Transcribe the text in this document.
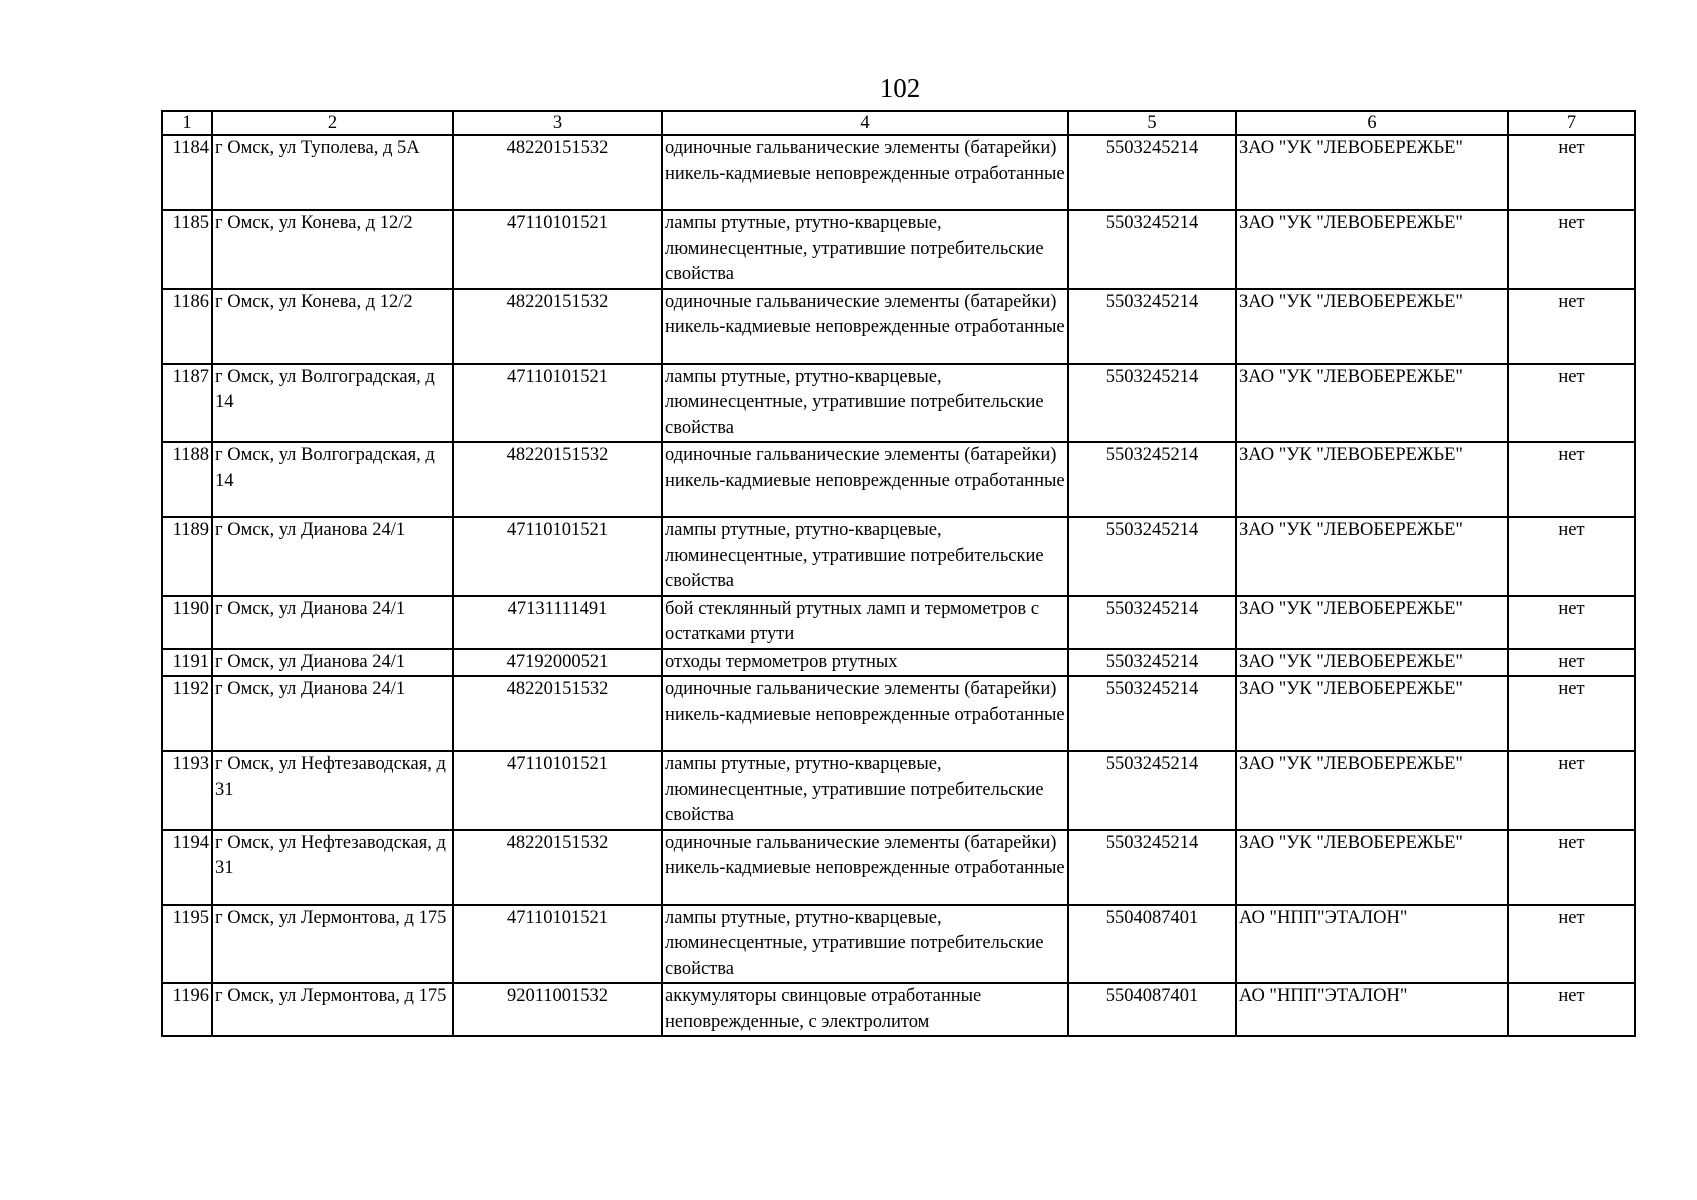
102
1	2	3	4	5	6	7
1184	г Омск, ул Туполева, д 5А	48220151532	одиночные гальванические элементы (батарейки) никель-кадмиевые неповрежденные отработанные	5503245214	ЗАО "УК "ЛЕВОБЕРЕЖЬЕ"	нет
1185	г Омск, ул Конева, д 12/2	47110101521	лампы ртутные, ртутно-кварцевые, люминесцентные, утратившие потребительские свойства	5503245214	ЗАО "УК "ЛЕВОБЕРЕЖЬЕ"	нет
1186	г Омск, ул Конева, д 12/2	48220151532	одиночные гальванические элементы (батарейки) никель-кадмиевые неповрежденные отработанные	5503245214	ЗАО "УК "ЛЕВОБЕРЕЖЬЕ"	нет
1187	г Омск, ул Волгоградская, д 14	47110101521	лампы ртутные, ртутно-кварцевые, люминесцентные, утратившие потребительские свойства	5503245214	ЗАО "УК "ЛЕВОБЕРЕЖЬЕ"	нет
1188	г Омск, ул Волгоградская, д 14	48220151532	одиночные гальванические элементы (батарейки) никель-кадмиевые неповрежденные отработанные	5503245214	ЗАО "УК "ЛЕВОБЕРЕЖЬЕ"	нет
1189	г Омск, ул Дианова 24/1	47110101521	лампы ртутные, ртутно-кварцевые, люминесцентные, утратившие потребительские свойства	5503245214	ЗАО "УК "ЛЕВОБЕРЕЖЬЕ"	нет
1190	г Омск, ул Дианова 24/1	47131111491	бой стеклянный ртутных ламп и термометров с остатками ртути	5503245214	ЗАО "УК "ЛЕВОБЕРЕЖЬЕ"	нет
1191	г Омск, ул Дианова 24/1	47192000521	отходы термометров ртутных	5503245214	ЗАО "УК "ЛЕВОБЕРЕЖЬЕ"	нет
1192	г Омск, ул Дианова 24/1	48220151532	одиночные гальванические элементы (батарейки) никель-кадмиевые неповрежденные отработанные	5503245214	ЗАО "УК "ЛЕВОБЕРЕЖЬЕ"	нет
1193	г Омск, ул Нефтезаводская, д 31	47110101521	лампы ртутные, ртутно-кварцевые, люминесцентные, утратившие потребительские свойства	5503245214	ЗАО "УК "ЛЕВОБЕРЕЖЬЕ"	нет
1194	г Омск, ул Нефтезаводская, д 31	48220151532	одиночные гальванические элементы (батарейки) никель-кадмиевые неповрежденные отработанные	5503245214	ЗАО "УК "ЛЕВОБЕРЕЖЬЕ"	нет
1195	г Омск, ул Лермонтова, д 175	47110101521	лампы ртутные, ртутно-кварцевые, люминесцентные, утратившие потребительские свойства	5504087401	АО "НПП"ЭТАЛОН"	нет
1196	г Омск, ул Лермонтова, д 175	92011001532	аккумуляторы свинцовые отработанные неповрежденные, с электролитом	5504087401	АО "НПП"ЭТАЛОН"	нет
